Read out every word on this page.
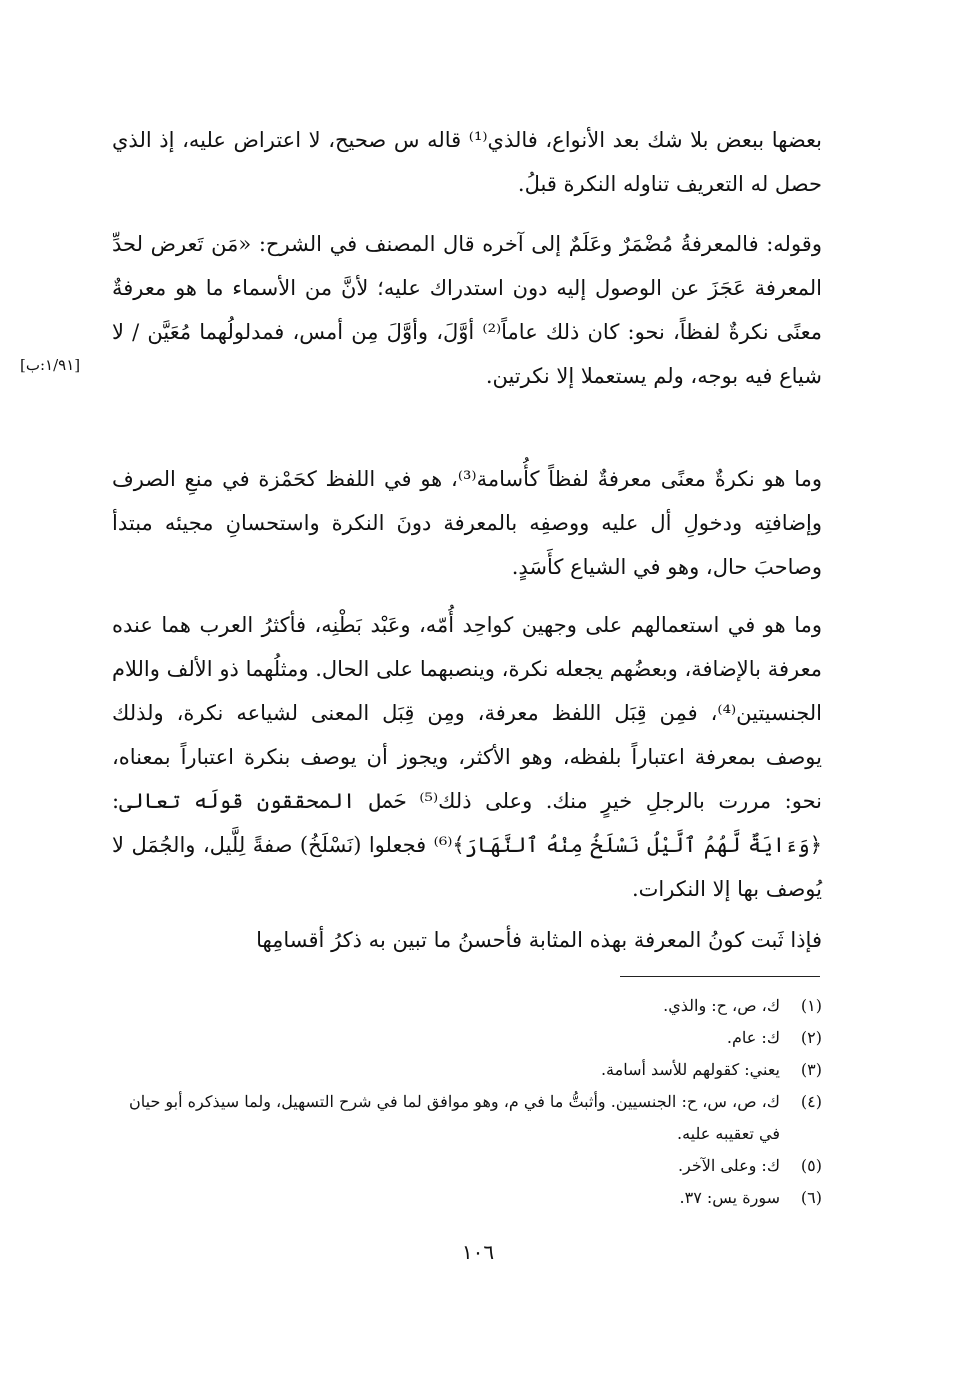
بعضها ببعض بلا شك بعد الأنواع، فالذي⁽¹⁾ قاله س صحيح، لا اعتراض عليه، إذ الذي حصل له التعريف تناوله النكرة قبلُ.

وقوله: فالمعرفةُ مُضْمَرٌ وعَلَمٌ إلى آخره قال المصنف في الشرح: «مَن تَعرض لحدِّ المعرفة عَجَزَ عن الوصول إليه دون استدراك عليه؛ لأنَّ من الأسماء ما هو معرفةٌ معنًى نكرةٌ لفظاً، نحو: كان ذلك عاماً⁽²⁾ أوَّلَ، وأوَّلَ مِن أمس، فمدلولُهما مُعَيَّن / لا شياع فيه بوجه، ولم يستعملا إلا نكرتين.

وما هو نكرةٌ معنًى معرفةٌ لفظاً كأُسامة⁽³⁾، هو في اللفظ كحَمْزة في منعِ الصرف وإضافتِه ودخولِ أل عليه ووصفِه بالمعرفة دونَ النكرة واستحسانِ مجيئه مبتدأ وصاحبَ حال، وهو في الشياع كأَسَدٍ.

وما هو في استعمالهم على وجهين كواحِد أُمّه، وعَبْد بَطْنِه، فأكثرُ العرب هما عنده معرفة بالإضافة، وبعضُهم يجعله نكرة، وينصبهما على الحال. ومثلُهما ذو الألف واللام الجنسيتين⁽⁴⁾، فمِن قِبَل اللفظ معرفة، ومِن قِبَل المعنى لشياعه نكرة، ولذلك يوصف بمعرفة اعتباراً بلفظه، وهو الأكثر، ويجوز أن يوصف بنكرة اعتباراً بمعناه، نحو: مررت بالرجلِ خيرٍ منك. وعلى ذلك⁽⁵⁾ حَمل المحققون قولَه تعالى: ﴿وَءَايَةٌ لَّهُمُ ٱلَّيْلُ نَسْلَخُ مِنْهُ ٱلنَّهَارَ﴾⁽⁶⁾ فجعلوا (نَسْلَخُ) صفةً لِلَّيل، والجُمَل لا يُوصف بها إلا النكرات.

فإذا ثَبت كونُ المعرفة بهذه المثابة فأحسنُ ما تبين به ذكرُ أقسامِها

[١/٩١:ب]
(١)
ك، ص، ح: والذي.
(٢)
ك: عام.
(٣)
يعني: كقولهم للأسد أسامة.
(٤)
ك، ص، س، ح: الجنسيين. وأثبتُّ ما في م، وهو موافق لما في شرح التسهيل، ولما سيذكره أبو حيان في تعقيبه عليه.
(٥)
ك: وعلى الآخر.
(٦)
سورة يس: ٣٧.
١٠٦
